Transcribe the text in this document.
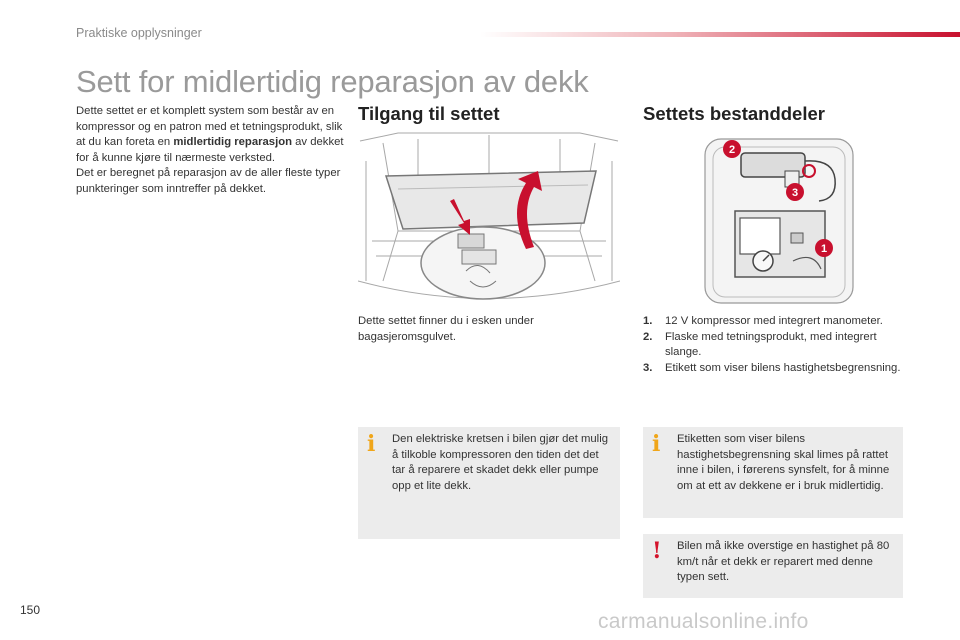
Praktiske opplysninger
Sett for midlertidig reparasjon av dekk

Dette settet er et komplett system som består av en kompressor og en patron med et tetningsprodukt, slik at du kan foreta en midlertidig reparasjon av dekket for å kunne kjøre til nærmeste verksted.

Det er beregnet på reparasjon av de aller fleste typer punkteringer som inntreffer på dekket.

Tilgang til settet	Settets bestanddeler
2
3
1
Dette settet finner du i esken under bagasjeromsgulvet.
1. 12 V kompressor med integrert manometer.
2. Flaske med tetningsprodukt, med integrert slange.
3. Etikett som viser bilens hastighetsbegrensning.
i Den elektriske kretsen i bilen gjør det mulig å tilkoble kompressoren den tiden det det tar å reparere et skadet dekk eller pumpe opp et lite dekk.
i Etiketten som viser bilens hastighetsbegrensning skal limes på rattet inne i bilen, i førerens synsfelt, for å minne om at ett av dekkene er i bruk midlertidig.
! Bilen må ikke overstige en hastighet på 80 km/t når et dekk er reparert med denne typen sett.
150	carmanualsonline.info
